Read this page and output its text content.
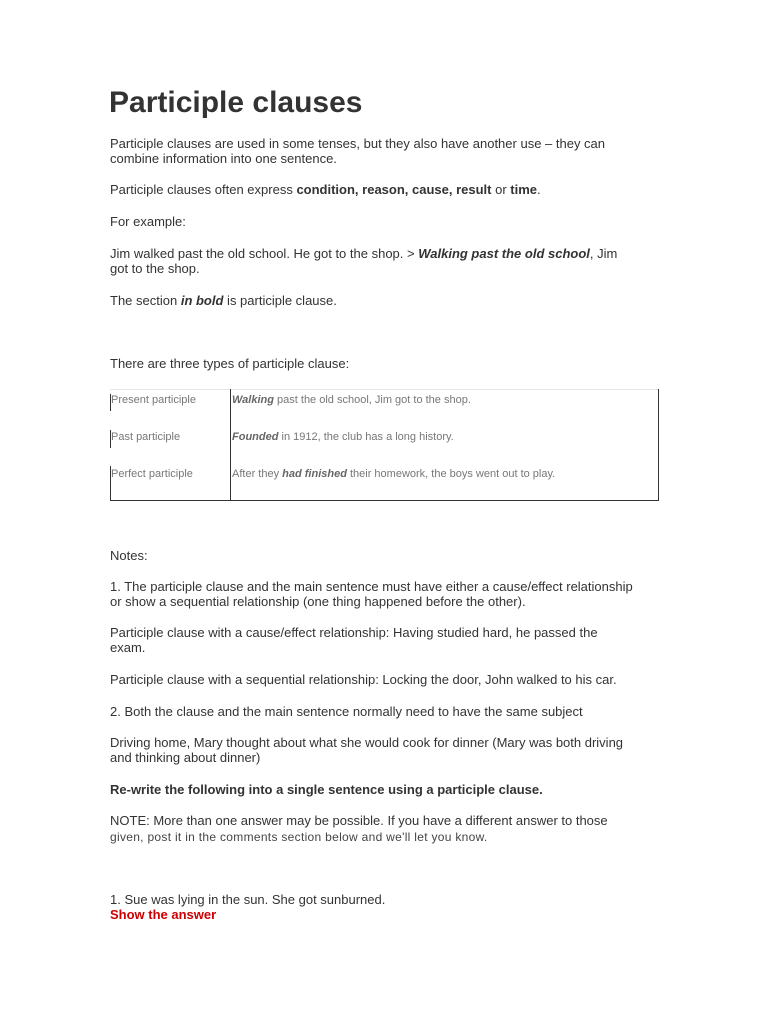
Participle clauses
Participle clauses are used in some tenses, but they also have another use – they can
combine information into one sentence.
Participle clauses often express condition, reason, cause, result or time.
For example:
Jim walked past the old school. He got to the shop. > Walking past the old school, Jim
got to the shop.
The section in bold is participle clause.
There are three types of participle clause:
Present participle	Walking past the old school, Jim got to the shop.
Past participle	Founded in 1912, the club has a long history.
Perfect participle	After they had finished their homework, the boys went out to play.
Notes:
1. The participle clause and the main sentence must have either a cause/effect relationship
or show a sequential relationship (one thing happened before the other).
Participle clause with a cause/effect relationship: Having studied hard, he passed the
exam.
Participle clause with a sequential relationship: Locking the door, John walked to his car.
2. Both the clause and the main sentence normally need to have the same subject
Driving home, Mary thought about what she would cook for dinner (Mary was both driving
and thinking about dinner)
Re-write the following into a single sentence using a participle clause.
NOTE: More than one answer may be possible. If you have a different answer to those
given, post it in the comments section below and we'll let you know.
1. Sue was lying in the sun. She got sunburned.
Show the answer
